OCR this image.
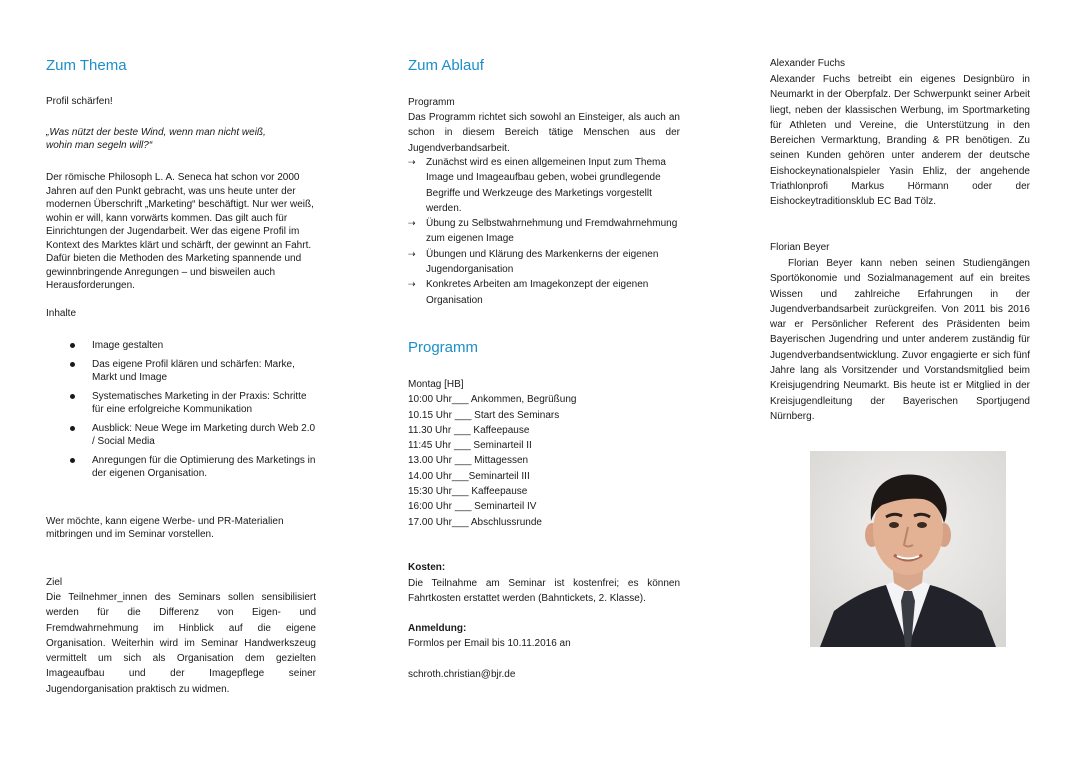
Zum Thema
Profil schärfen!
„Was nützt der beste Wind, wenn man nicht weiß,
wohin man segeln will?“
Der römische Philosoph L. A. Seneca hat schon vor 2000 Jahren auf den Punkt gebracht, was uns heute unter der modernen Überschrift „Marketing“ beschäftigt. Nur wer weiß, wohin er will, kann vorwärts kommen. Das gilt auch für Einrichtungen der Jugendarbeit. Wer das eigene Profil im Kontext des Marktes klärt und schärft, der gewinnt an Fahrt. Dafür bieten die Methoden des Marketing spannende und gewinnbringende Anregungen – und bisweilen auch Herausforderungen.
Inhalte
Image gestalten
Das eigene Profil klären und schärfen: Marke, Markt und Image
Systematisches Marketing in der Praxis: Schritte für eine erfolgreiche Kommunikation
Ausblick: Neue Wege im Marketing durch Web 2.0 / Social Media
Anregungen für die Optimierung des Marketings in der eigenen Organisation.
Wer möchte, kann eigene Werbe- und PR-Materialien mitbringen und im Seminar vorstellen.
Ziel
Die Teilnehmer_innen des Seminars sollen sensibilisiert werden für die Differenz von Eigen- und Fremdwahrnehmung im Hinblick auf die eigene Organisation. Weiterhin wird im Seminar Handwerkszeug vermittelt um sich als Organisation dem gezielten Imageaufbau und der Imagepflege seiner Jugendorganisation praktisch zu widmen.
Zum Ablauf
Programm
Das Programm richtet sich sowohl an Einsteiger, als auch an schon in diesem Bereich tätige Menschen aus der Jugendverbandsarbeit.
⇢ Zunächst wird es einen allgemeinen Input zum Thema Image und Imageaufbau geben, wobei grundlegende Begriffe und Werkzeuge des Marketings vorgestellt werden.
⇢ Übung zu Selbstwahrnehmung und Fremdwahrnehmung zum eigenen Image
⇢ Übungen und Klärung des Markenkerns der eigenen Jugendorganisation
⇢ Konkretes Arbeiten am Imagekonzept der eigenen Organisation
Programm
Montag [HB]
10:00 Uhr___ Ankommen, Begrüßung
10.15 Uhr ___ Start des Seminars
11.30 Uhr ___ Kaffeepause
11:45 Uhr ___ Seminarteil II
13.00 Uhr ___ Mittagessen
14.00 Uhr___Seminarteil III
15:30 Uhr___ Kaffeepause
16:00 Uhr ___ Seminarteil IV
17.00 Uhr___ Abschlussrunde
Kosten:
Die Teilnahme am Seminar ist kostenfrei; es können Fahrtkosten erstattet werden (Bahntickets, 2. Klasse).
Anmeldung:
Formlos per Email bis 10.11.2016 an
schroth.christian@bjr.de
Alexander Fuchs
Alexander Fuchs betreibt ein eigenes Designbüro in Neumarkt in der Oberpfalz. Der Schwerpunkt seiner Arbeit liegt, neben der klassischen Werbung, im Sportmarketing für Athleten und Vereine, die Unterstützung in den Bereichen Vermarktung, Branding & PR benötigen. Zu seinen Kunden gehören unter anderem der deutsche Eishockeynationalspieler Yasin Ehliz, der angehende Triathlonprofi Markus Hörmann oder der Eishockeytraditionsklub EC Bad Tölz.
Florian Beyer
Florian Beyer kann neben seinen Studiengängen Sportökonomie und Sozialmanagement auf ein breites Wissen und zahlreiche Erfahrungen in der Jugendverbandsarbeit zurückgreifen. Von 2011 bis 2016 war er Persönlicher Referent des Präsidenten beim Bayerischen Jugendring und unter anderem zuständig für Jugendverbandsentwicklung. Zuvor engagierte er sich fünf Jahre lang als Vorsitzender und Vorstandsmitglied beim Kreisjugendring Neumarkt. Bis heute ist er Mitglied in der Kreisjugendleitung der Bayerischen Sportjugend Nürnberg.
